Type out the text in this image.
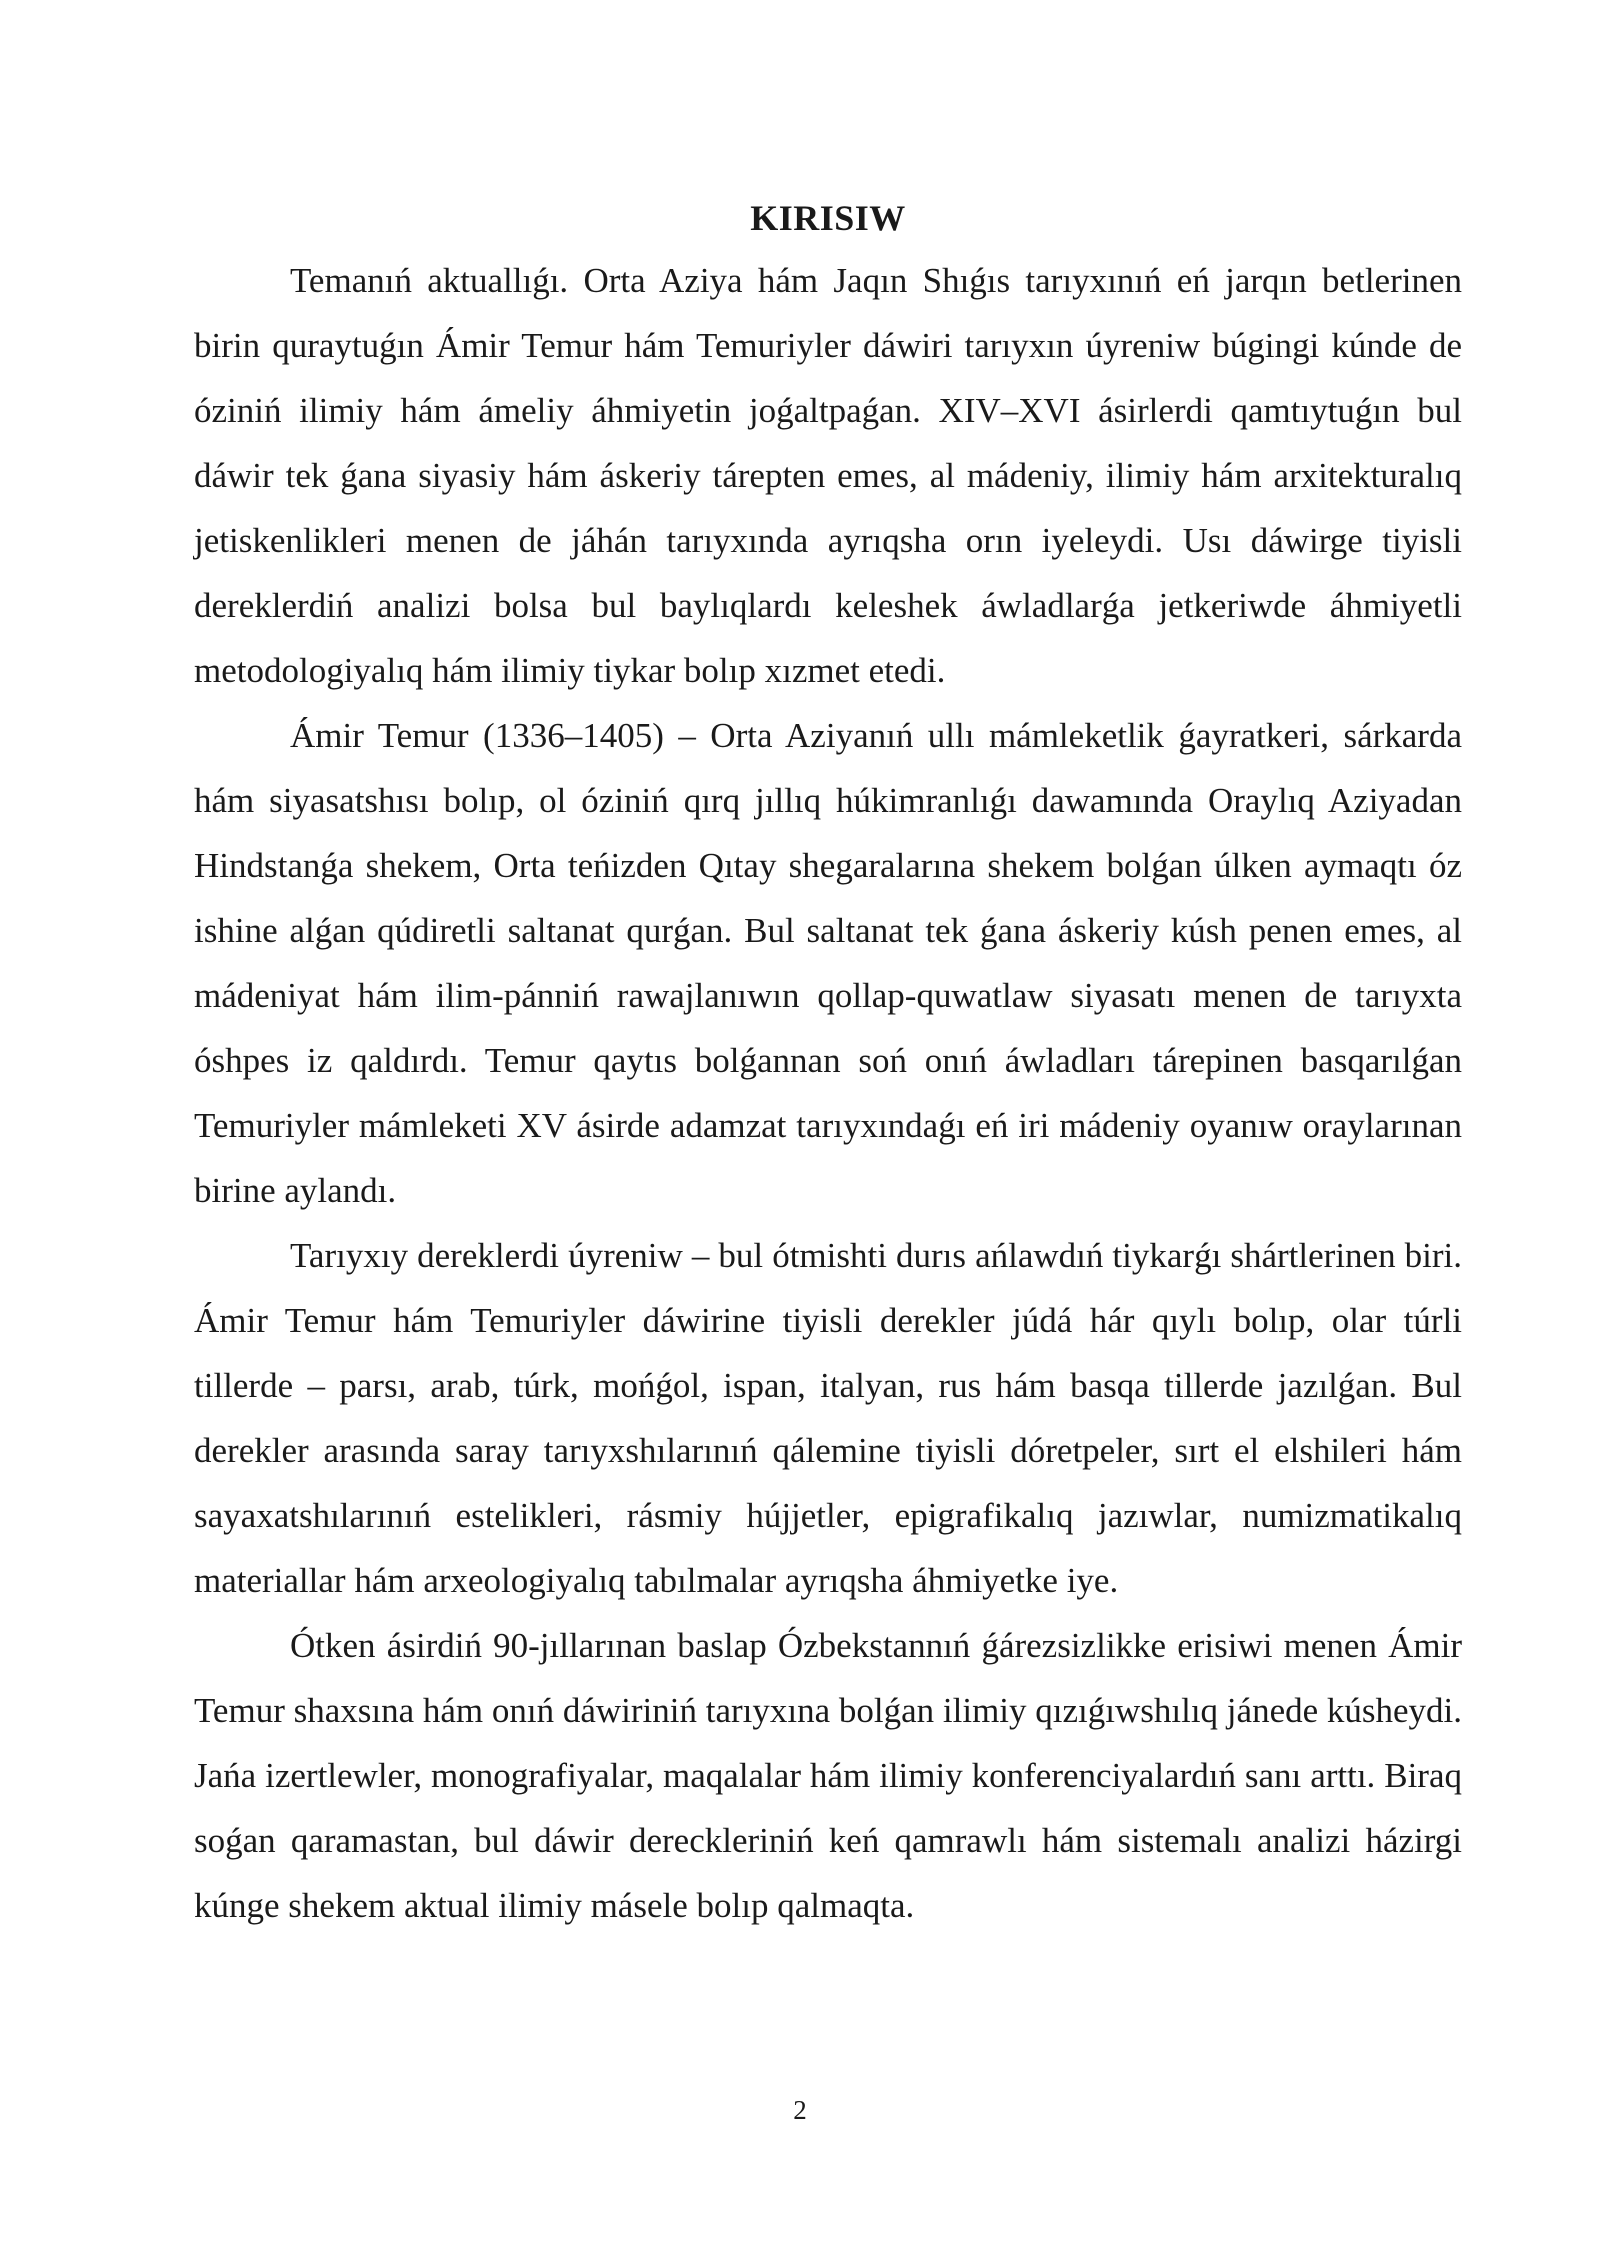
KIRISIW

Temanıń aktuallıǵı. Orta Aziya hám Jaqın Shıǵıs tarıyxınıń eń jarqın betlerinen birin quraytuǵın Ámir Temur hám Temuriyler dáwiri tarıyxın úyreniw búgingi kúnde de óziniń ilimiy hám ámeliy áhmiyetin joǵaltpaǵan. XIV–XVI ásirlerdi qamtıytuǵın bul dáwir tek ǵana siyasiy hám áskeriy tárepten emes, al mádeniy, ilimiy hám arxitekturalıq jetiskenlikleri menen de jáhán tarıyxında ayrıqsha orın iyeleydi. Usı dáwirge tiyisli dereklerdiń analizi bolsa bul baylıqlardı keleshek áwladlarǵa jetkeriwde áhmiyetli metodologiyalıq hám ilimiy tiykar bolıp xızmet etedi.

Ámir Temur (1336–1405) – Orta Aziyanıń ullı mámleketlik ǵayratkeri, sárkarda hám siyasatshısı bolıp, ol óziniń qırq jıllıq húkimranlıǵı dawamında Oraylıq Aziyadan Hindstanǵa shekem, Orta teńizden Qıtay shegaralarına shekem bolǵan úlken aymaqtı óz ishine alǵan qúdiretli saltanat qurǵan. Bul saltanat tek ǵana áskeriy kúsh penen emes, al mádeniyat hám ilim-pánniń rawajlanıwın qollap-quwatlaw siyasatı menen de tarıyxta óshpes iz qaldırdı. Temur qaytıs bolǵannan soń onıń áwladları tárepinen basqarılǵan Temuriyler mámleketi XV ásirde adamzat tarıyxındaǵı eń iri mádeniy oyanıw oraylarınan birine aylandı.

Tarıyxıy dereklerdi úyreniw – bul ótmishti durıs ańlawdıń tiykarǵı shártlerinen biri. Ámir Temur hám Temuriyler dáwirine tiyisli derekler júdá hár qıylı bolıp, olar túrli tillerde – parsı, arab, túrk, mońǵol, ispan, italyan, rus hám basqa tillerde jazılǵan. Bul derekler arasında saray tarıyxshılarınıń qálemine tiyisli dóretpeler, sırt el elshileri hám sayaxatshılarınıń estelikleri, rásmiy hújjetler, epigrafikalıq jazıwlar, numizmatikalıq materiallar hám arxeologiyalıq tabılmalar ayrıqsha áhmiyetke iye.

Ótken ásirdiń 90-jıllarınan baslap Ózbekstannıń ǵárezsizlikke erisiwi menen Ámir Temur shaxsına hám onıń dáwiriniń tarıyxına bolǵan ilimiy qızıǵıwshılıq jánede kúsheydi. Jańa izertlewler, monografiyalar, maqalalar hám ilimiy konferenciyalardıń sanı arttı. Biraq soǵan qaramastan, bul dáwir dereckleriniń keń qamrawlı hám sistemalı analizi házirgi kúnge shekem aktual ilimiy másele bolıp qalmaqta.

2
